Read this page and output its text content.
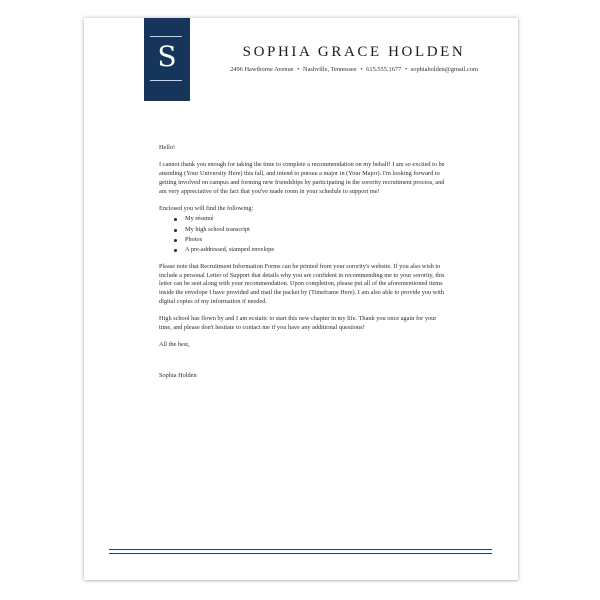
S	SOPHIA GRACE HOLDEN
2496 Hawthorne Avenue • Nashville, Tennessee • 615.555.1677 • sophiaholden@gmail.com

Hello!

I cannot thank you enough for taking the time to complete a recommendation on my behalf! I am so excited to be attending (Your University Here) this fall, and intend to pursue a major in (Your Major). I'm looking forward to getting involved on campus and forming new friendships by participating in the sorority recruitment process, and am very appreciative of the fact that you've made room in your schedule to support me!

Enclosed you will find the following:

My résumé
My high school transcript
Photos
A pre-addressed, stamped envelope

Please note that Recruitment Information Forms can be printed from your sorority's website. If you also wish to include a personal Letter of Support that details why you are confident in recommending me to your sorority, this letter can be sent along with your recommendation. Upon completion, please put all of the aforementioned items inside the envelope I have provided and mail the packet by (Timeframe Here). I am also able to provide you with digital copies of my information if needed.

High school has flown by and I am ecstatic to start this new chapter in my life. Thank you once again for your time, and please don't hesitate to contact me if you have any additional questions!

All the best,

Sophia Holden
